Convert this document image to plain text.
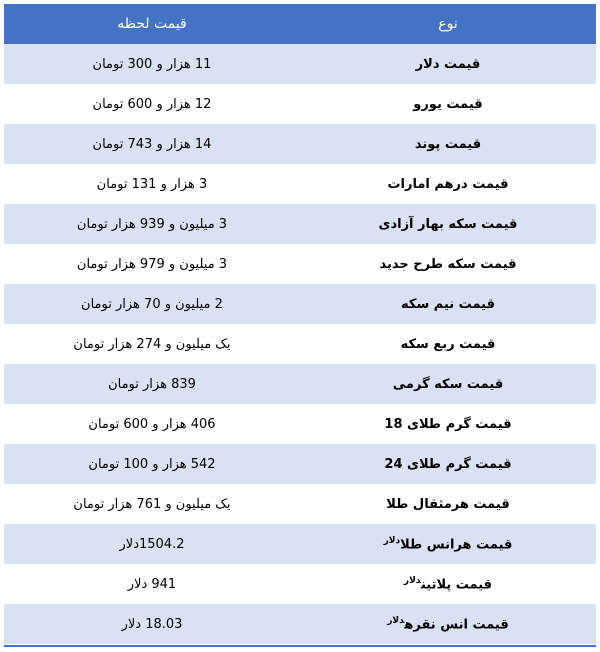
نوع	قیمت لحظه
قیمت دلار	11 هزار و 300 تومان
قیمت یورو	12 هزار و 600 تومان
قیمت پوند	14 هزار و 743 تومان
قیمت درهم امارات	3 هزار و 131 تومان
قیمت سکه بهار آزادی	3 میلیون و 939 هزار تومان
قیمت سکه طرح جدید	3 میلیون و 979 هزار تومان
قیمت نیم سکه	2 میلیون و 70 هزار تومان
قیمت ربع سکه	یک میلیون و 274 هزار تومان
قیمت سکه گرمی	839 هزار تومان
قیمت گرم طلای 18	406 هزار و 600 تومان
قیمت گرم طلای 24	542 هزار و 100 تومان
قیمت هرمثقال طلا	یک میلیون و 761 هزار تومان
قیمت هرانس طلا$^{دلار}$	1504.2دلار
قیمت پلاتین$^{دلار}$	941 دلار
قیمت انس نقره$^{دلار}$	18.03 دلار
